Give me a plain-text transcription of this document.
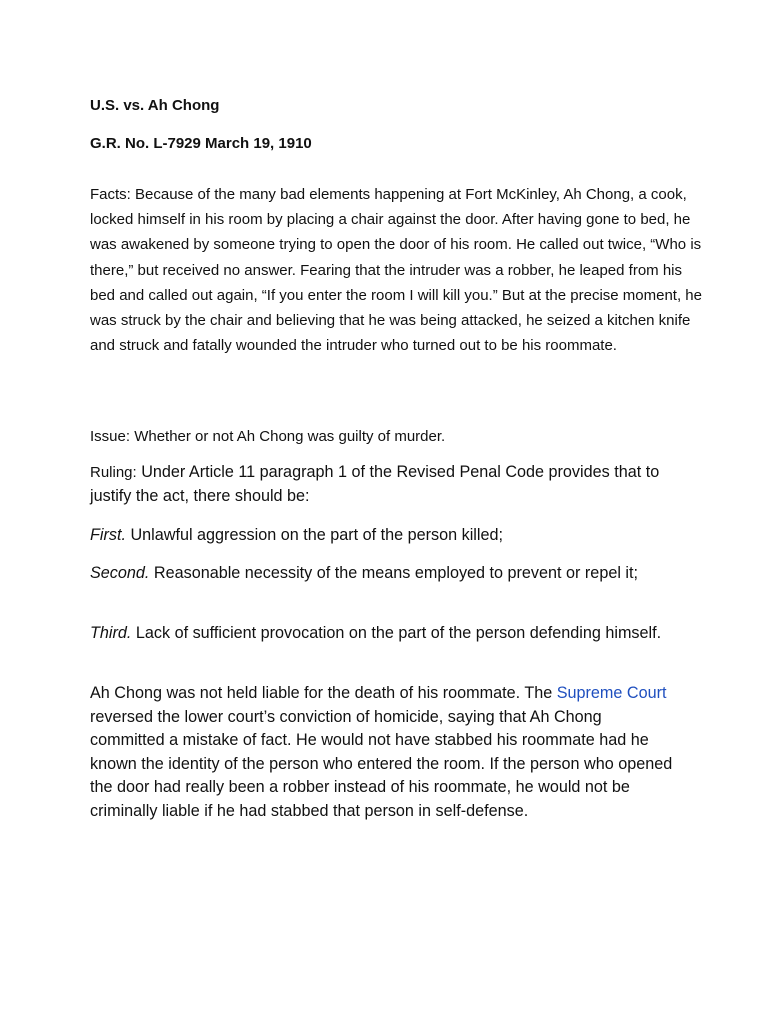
U.S. vs. Ah Chong

G.R. No. L-7929 March 19, 1910

Facts: Because of the many bad elements happening at Fort McKinley, Ah Chong, a cook, locked himself in his room by placing a chair against the door. After having gone to bed, he was awakened by someone trying to open the door of his room. He called out twice, “Who is there,” but received no answer. Fearing that the intruder was a robber, he leaped from his bed and called out again, “If you enter the room I will kill you.” But at the precise moment, he was struck by the chair and believing that he was being attacked, he seized a kitchen knife and struck and fatally wounded the intruder who turned out to be his roommate.

Issue: Whether or not Ah Chong was guilty of murder.

Ruling: Under Article 11 paragraph 1 of the Revised Penal Code provides that to justify the act, there should be:

First. Unlawful aggression on the part of the person killed;

Second. Reasonable necessity of the means employed to prevent or repel it;

Third. Lack of sufficient provocation on the part of the person defending himself.

Ah Chong was not held liable for the death of his roommate. The Supreme Court reversed the lower court’s conviction of homicide, saying that Ah Chong committed a mistake of fact. He would not have stabbed his roommate had he known the identity of the person who entered the room. If the person who opened the door had really been a robber instead of his roommate, he would not be criminally liable if he had stabbed that person in self-defense.
